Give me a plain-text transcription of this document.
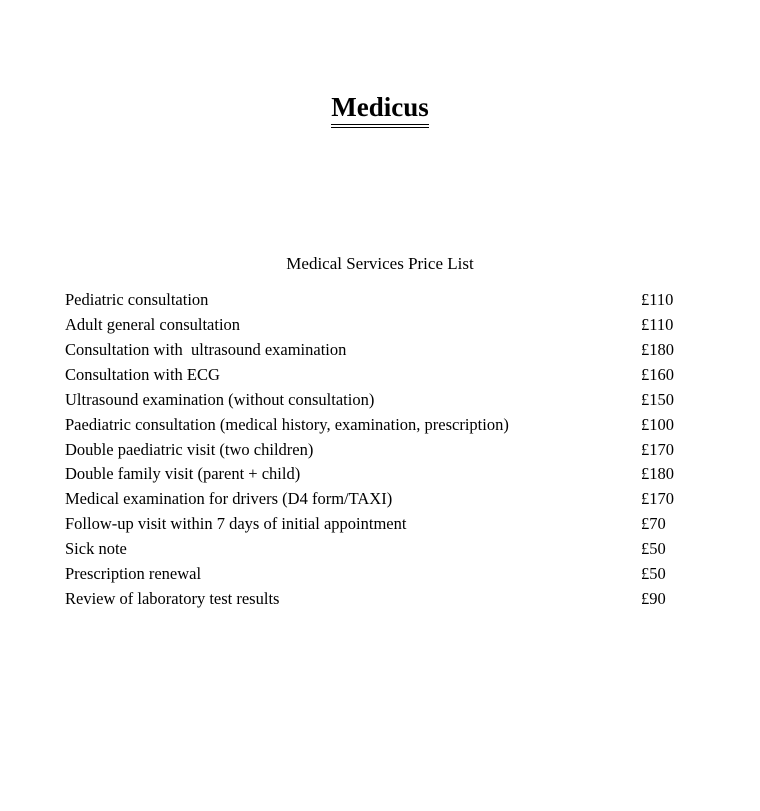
Medicus
Medical Services Price List
Pediatric consultation	£110
Adult general consultation	£110
Consultation with  ultrasound examination	£180
Consultation with ECG	£160
Ultrasound examination (without consultation)	£150
Paediatric consultation (medical history, examination, prescription)	£100
Double paediatric visit (two children)	£170
Double family visit (parent + child)	£180
Medical examination for drivers (D4 form/TAXI)	£170
Follow-up visit within 7 days of initial appointment	£70
Sick note	£50
Prescription renewal	£50
Review of laboratory test results	£90
